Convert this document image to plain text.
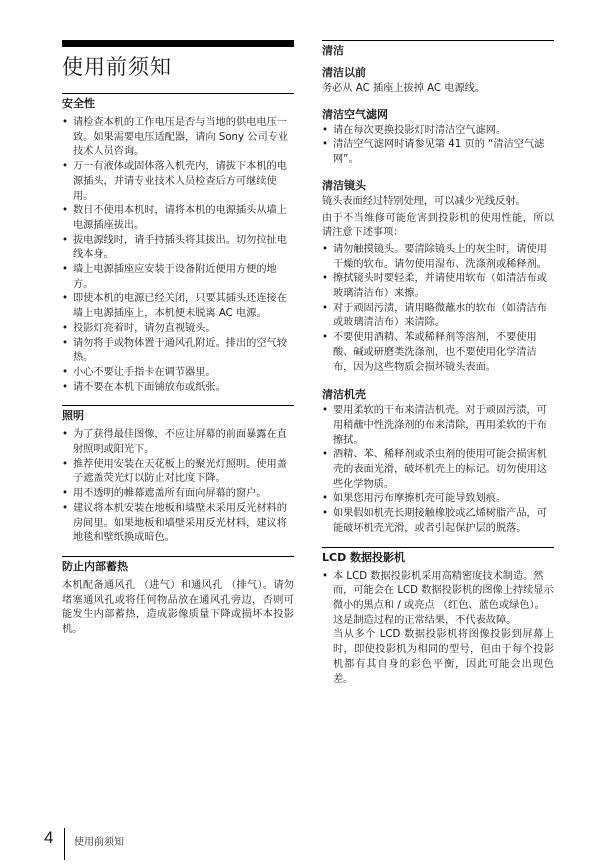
使用前须知
安全性
• 请检查本机的工作电压是否与当地的供电电压一致。如果需要电压适配器，请向 Sony 公司专业技术人员咨询。
• 万一有液体或固体落入机壳内，请拔下本机的电源插头，并请专业技术人员检查后方可继续使用。
• 数日不使用本机时，请将本机的电源插头从墙上电源插座拔出。
• 拔电源线时，请手持插头将其拔出。切勿拉扯电线本身。
• 墙上电源插座应安装于设备附近便用方便的地方。
• 即使本机的电源已经关闭，只要其插头还连接在墙上电源插座上，本机便未脱离 AC 电源。
• 投影灯亮着时，请勿直视镜头。
• 请勿将手或物体置于通风孔附近。排出的空气较热。
• 小心不要让手指卡在调节器里。
• 请不要在本机下面铺放布或纸张。
照明
• 为了获得最佳图像，不应让屏幕的前面暴露在直射照明或阳光下。
• 推荐使用安装在天花板上的聚光灯照明。使用盖子遮盖荧光灯以防止对比度下降。
• 用不透明的帷幕遮盖所有面向屏幕的窗户。
• 建议将本机安装在地板和墙壁未采用反光材料的房间里。如果地板和墙壁采用反光材料，建议将地毯和壁纸换成暗色。
防止内部蓄热

本机配备通风孔 （进气）和通风孔 （排气）。请勿堵塞通风孔或将任何物品放在通风孔旁边，否则可能发生内部蓄热，造成影像质量下降或损坏本投影机。

清洁
清洁以前

务必从 AC 插座上拔掉 AC 电源线。

清洁空气滤网
• 请在每次更换投影灯时清洁空气滤网。
• 清洁空气滤网时请参见第 41 页的 “清洁空气滤网”。
清洁镜头

镜头表面经过特别处理，可以减少光线反射。

由于不当维修可能危害到投影机的使用性能，所以请注意下述事项：

• 请勿触摸镜头。要清除镜头上的灰尘时，请使用干燥的软布。请勿使用湿布、洗涤剂或稀释剂。
• 擦拭镜头时要轻柔，并请使用软布（如清洁布或玻璃清洁布）来擦。
• 对于顽固污渍，请用略微蘸水的软布（如清洁布或玻璃清洁布）来清除。
• 不要使用酒精、苯或稀释剂等溶剂，不要使用酸、碱或研磨类洗涤剂，也不要使用化学清洁布，因为这些物质会损坏镜头表面。
清洁机壳
• 要用柔软的干布来清洁机壳。对于顽固污渍，可用稍蘸中性洗涤剂的布来清除，再用柔软的干布擦拭。
• 酒精、苯、稀释剂或杀虫剂的使用可能会损害机壳的表面光滑，破坏机壳上的标记。切勿使用这些化学物质。
• 如果您用污布摩擦机壳可能导致划痕。
• 如果假如机壳长期接触橡胶或乙烯树脂产品，可能破坏机壳光滑，或者引起保护层的脱落。
LCD 数据投影机
• 本 LCD 数据投影机采用高精密度技术制造。然而，可能会在 LCD 数据投影机的图像上持续显示微小的黑点和 / 或亮点 （红色、蓝色或绿色）。这是制造过程的正常结果，不代表故障。

当从多个 LCD 数据投影机将图像投影到屏幕上时，即使投影机为相同的型号，但由于每个投影机都有其自身的彩色平衡，因此可能会出现色差。

4 使用前须知
